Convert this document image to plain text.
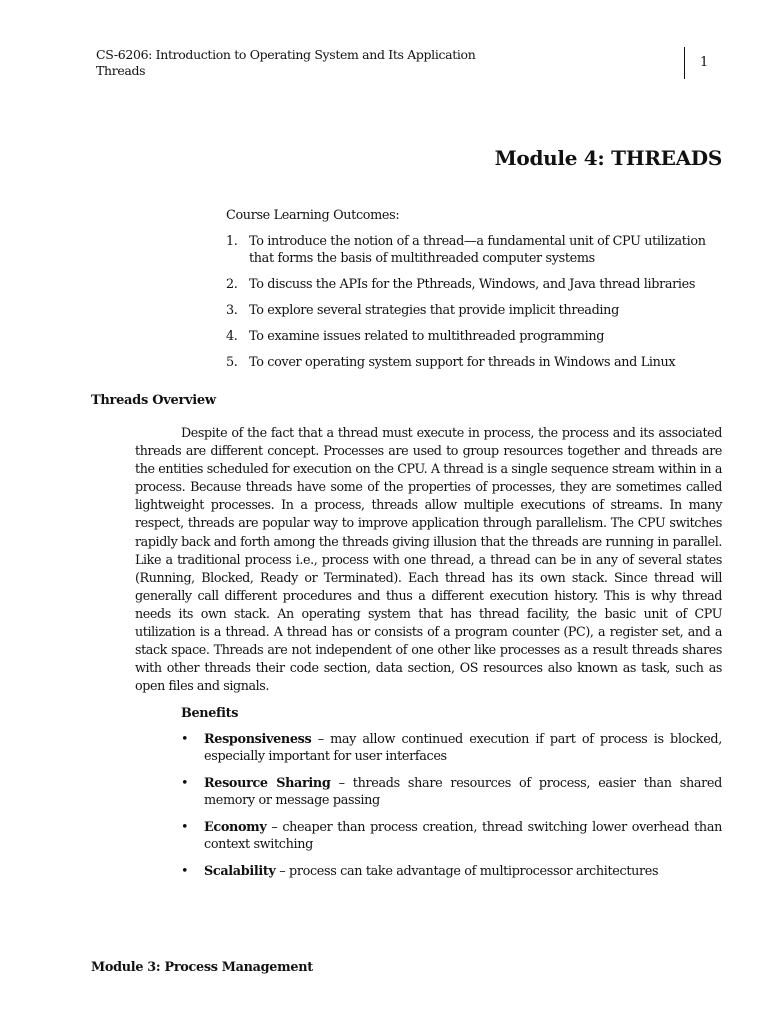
CS-6206: Introduction to Operating System and Its Application
Threads
1
Module 4: THREADS
Course Learning Outcomes:
1. To introduce the notion of a thread—a fundamental unit of CPU utilization that forms the basis of multithreaded computer systems
2. To discuss the APIs for the Pthreads, Windows, and Java thread libraries
3. To explore several strategies that provide implicit threading
4. To examine issues related to multithreaded programming
5. To cover operating system support for threads in Windows and Linux
Threads Overview

Despite of the fact that a thread must execute in process, the process and its associated threads are different concept. Processes are used to group resources together and threads are the entities scheduled for execution on the CPU. A thread is a single sequence stream within in a process. Because threads have some of the properties of processes, they are sometimes called lightweight processes. In a process, threads allow multiple executions of streams. In many respect, threads are popular way to improve application through parallelism. The CPU switches rapidly back and forth among the threads giving illusion that the threads are running in parallel. Like a traditional process i.e., process with one thread, a thread can be in any of several states (Running, Blocked, Ready or Terminated). Each thread has its own stack. Since thread will generally call different procedures and thus a different execution history. This is why thread needs its own stack. An operating system that has thread facility, the basic unit of CPU utilization is a thread. A thread has or consists of a program counter (PC), a register set, and a stack space. Threads are not independent of one other like processes as a result threads shares with other threads their code section, data section, OS resources also known as task, such as open files and signals.

Benefits
• Responsiveness – may allow continued execution if part of process is blocked, especially important for user interfaces
• Resource Sharing – threads share resources of process, easier than shared memory or message passing
• Economy – cheaper than process creation, thread switching lower overhead than context switching
• Scalability – process can take advantage of multiprocessor architectures
Module 3: Process Management
